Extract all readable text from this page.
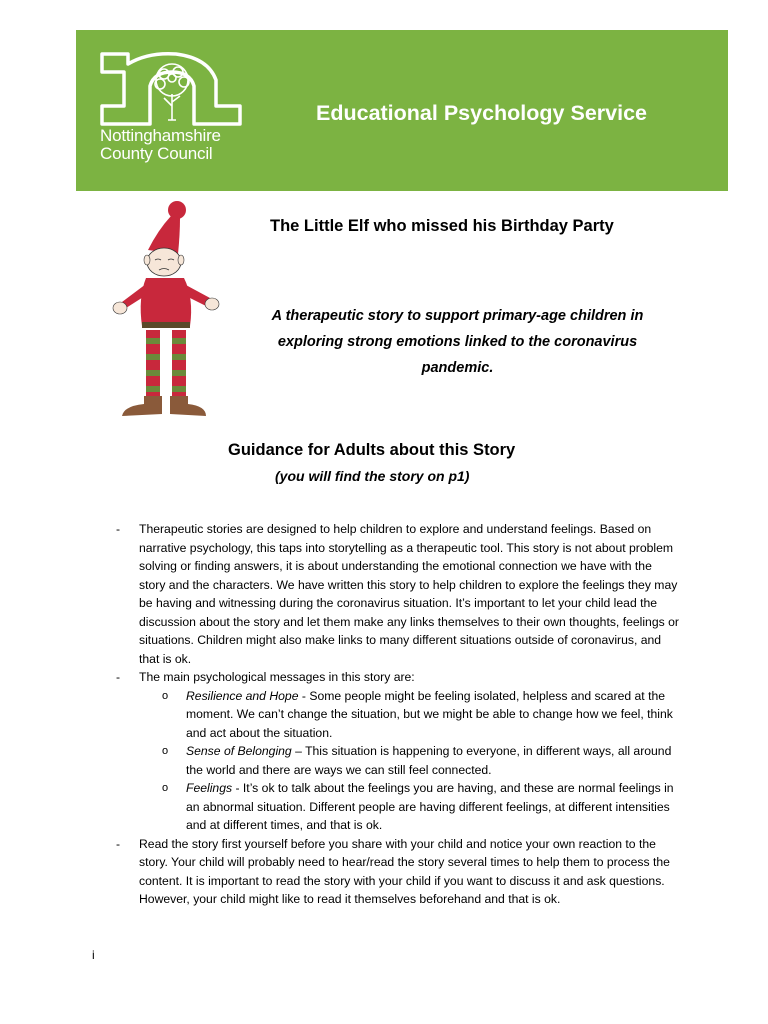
Nottinghamshire
County Council
Educational Psychology Service
The Little Elf who missed his Birthday Party
A therapeutic story to support primary-age children in exploring strong emotions linked to the coronavirus pandemic.
Guidance for Adults about this Story
(you will find the story on p1)
- Therapeutic stories are designed to help children to explore and understand feelings. Based on narrative psychology, this taps into storytelling as a therapeutic tool. This story is not about problem solving or finding answers, it is about understanding the emotional connection we have with the story and the characters. We have written this story to help children to explore the feelings they may be having and witnessing during the coronavirus situation. It’s important to let your child lead the discussion about the story and let them make any links themselves to their own thoughts, feelings or situations. Children might also make links to many different situations outside of coronavirus, and that is ok.
- The main psychological messages in this story are:
o Resilience and Hope - Some people might be feeling isolated, helpless and scared at the moment. We can’t change the situation, but we might be able to change how we feel, think and act about the situation.
o Sense of Belonging – This situation is happening to everyone, in different ways, all around the world and there are ways we can still feel connected.
o Feelings - It’s ok to talk about the feelings you are having, and these are normal feelings in an abnormal situation. Different people are having different feelings, at different intensities and at different times, and that is ok.
- Read the story first yourself before you share with your child and notice your own reaction to the story. Your child will probably need to hear/read the story several times to help them to process the content. It is important to read the story with your child if you want to discuss it and ask questions. However, your child might like to read it themselves beforehand and that is ok.
i
